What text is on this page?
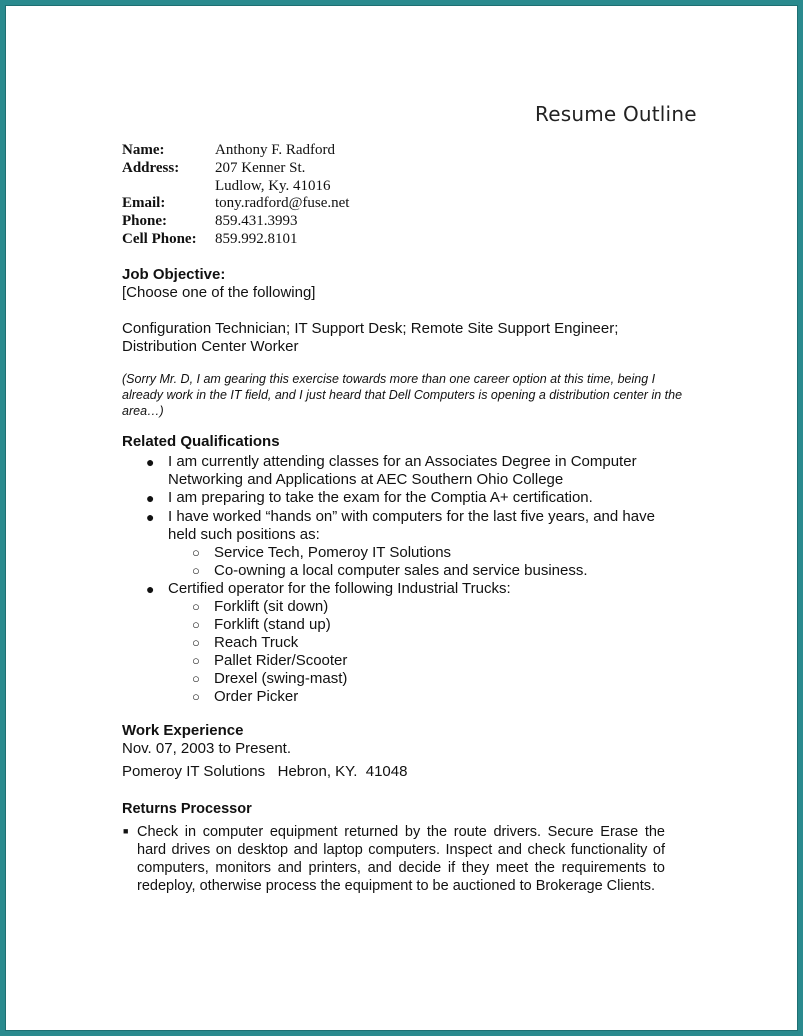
Resume Outline
Name:	Anthony F. Radford
Address: 207 Kenner St.
Ludlow, Ky. 41016
Email:	tony.radford@fuse.net
Phone:	859.431.3993
Cell Phone: 859.992.8101
Job Objective:
[Choose one of the following]
Configuration Technician; IT Support Desk; Remote Site Support Engineer;
Distribution Center Worker
(Sorry Mr. D, I am gearing this exercise towards more than one career option at this time, being I already work in the IT field, and I just heard that Dell Computers is opening a distribution center in the area…)
Related Qualifications
● I am currently attending classes for an Associates Degree in Computer
Networking and Applications at AEC Southern Ohio College
● I am preparing to take the exam for the Comptia A+ certification.
● I have worked “hands on” with computers for the last five years, and have
held such positions as:
○ Service Tech, Pomeroy IT Solutions
○ Co-owning a local computer sales and service business.
● Certified operator for the following Industrial Trucks:
○ Forklift (sit down)
○ Forklift (stand up)
○ Reach Truck
○ Pallet Rider/Scooter
○ Drexel (swing-mast)
○ Order Picker
Work Experience
Nov. 07, 2003 to Present.
Pomeroy IT Solutions   Hebron, KY.  41048
Returns Processor
■ Check in computer equipment returned by the route drivers. Secure Erase the hard drives on desktop and laptop computers. Inspect and check functionality of computers, monitors and printers, and decide if they meet the requirements to redeploy, otherwise process the equipment to be auctioned to Brokerage Clients.
